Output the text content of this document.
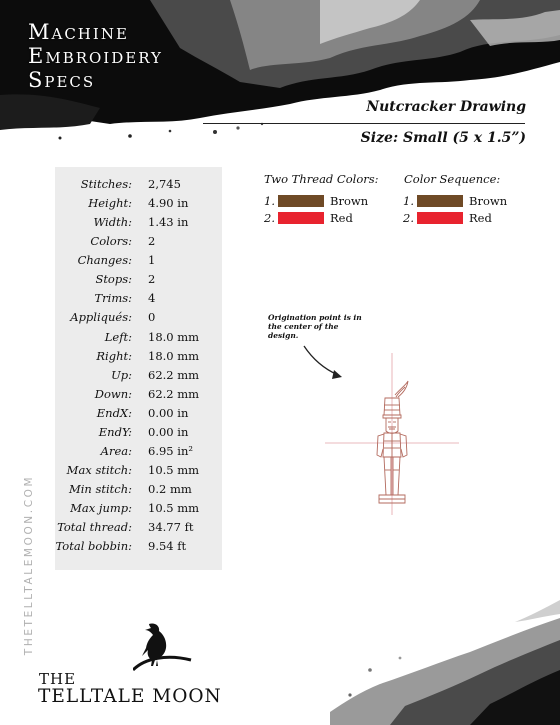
Machine
Embroidery
Specs
Nutcracker Drawing
Size: Small (5 x 1.5”)
Stitches: 2,745
Height: 4.90 in
Width: 1.43 in
Colors: 2
Changes: 1
Stops: 2
Trims: 4
Appliqués: 0
Left: 18.0 mm
Right: 18.0 mm
Up: 62.2 mm
Down: 62.2 mm
EndX: 0.00 in
EndY: 0.00 in
Area: 6.95 in²
Max stitch: 10.5 mm
Min stitch: 0.2 mm
Max jump: 10.5 mm
Total thread: 34.77 ft
Total bobbin: 9.54 ft
Two Thread Colors:
1.	Brown
2.	Red
Color Sequence:
1.	Brown
2.	Red
Origination point is in the center of the design.
THETELLTALEMOON.COM
THE
TELLTALE MOON
